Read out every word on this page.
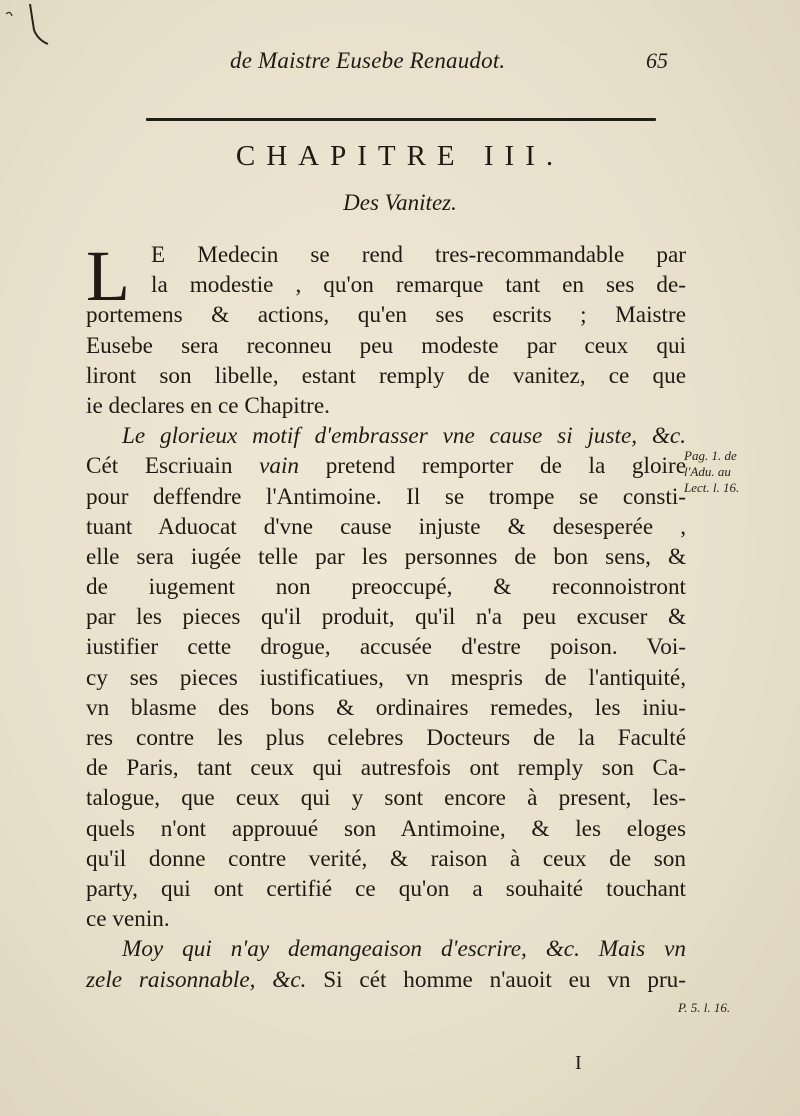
de Maistre Eusebe Renaudot.	65
CHAPITRE III.
Des Vanitez.
L E Medecin se rend tres-recommandable par
la modestie , qu'on remarque tant en ses de-
portemens & actions, qu'en ses escrits ; Maistre
Eusebe sera reconneu peu modeste par ceux qui
liront son libelle, estant remply de vanitez, ce que
ie declares en ce Chapitre.
Le glorieux motif d'embrasser vne cause si juste, &c.
Cét Escriuain vain pretend remporter de la gloire
pour deffendre l'Antimoine. Il se trompe se consti-
tuant Aduocat d'vne cause injuste & desesperée ,
elle sera iugée telle par les personnes de bon sens, &
de iugement non preoccupé, & reconnoistront
par les pieces qu'il produit, qu'il n'a peu excuser &
iustifier cette drogue, accusée d'estre poison. Voi-
cy ses pieces iustificatiues, vn mespris de l'antiquité,
vn blasme des bons & ordinaires remedes, les iniu-
res contre les plus celebres Docteurs de la Faculté
de Paris, tant ceux qui autresfois ont remply son Ca-
talogue, que ceux qui y sont encore à present, les-
quels n'ont approuué son Antimoine, & les eloges
qu'il donne contre verité, & raison à ceux de son
party, qui ont certifié ce qu'on a souhaité touchant
ce venin.
Moy qui n'ay demangeaison d'escrire, &c. Mais vn
zele raisonnable, &c. Si cét homme n'auoit eu vn pru-
Pag. 1. de
l'Adu. au
Lect. l. 16.
P. 5. l. 16.
I
